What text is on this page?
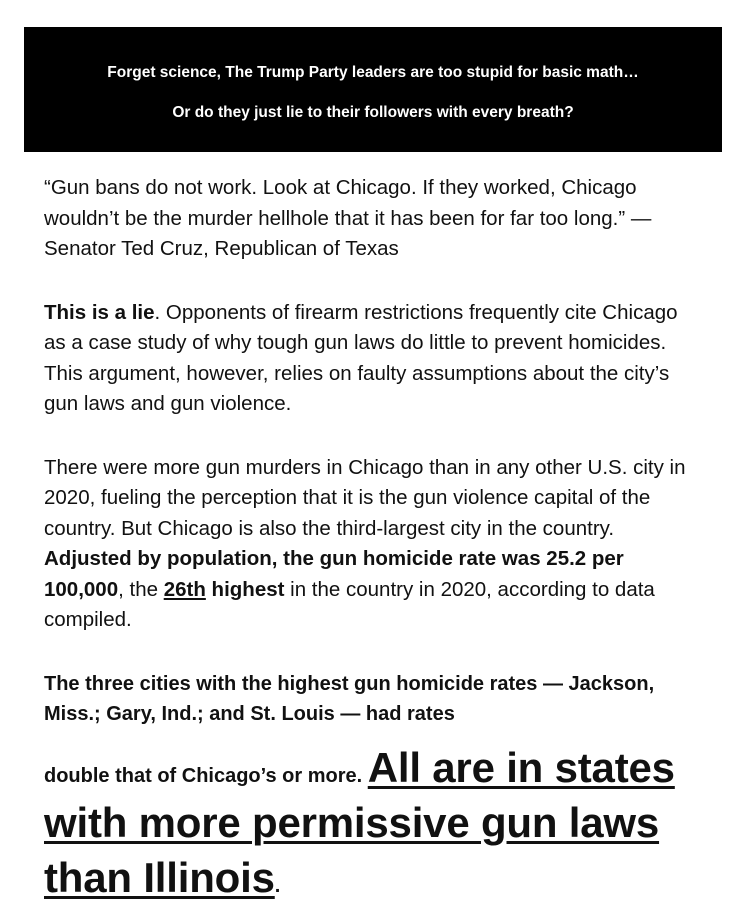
Forget science, The Trump Party leaders are too stupid for basic math…
Or do they just lie to their followers with every breath?

“Gun bans do not work. Look at Chicago. If they worked, Chicago wouldn’t be the murder hellhole that it has been for far too long.” — Senator Ted Cruz, Republican of Texas

This is a lie. Opponents of firearm restrictions frequently cite Chicago as a case study of why tough gun laws do little to prevent homicides. This argument, however, relies on faulty assumptions about the city’s gun laws and gun violence.

There were more gun murders in Chicago than in any other U.S. city in 2020, fueling the perception that it is the gun violence capital of the country. But Chicago is also the third-largest city in the country. Adjusted by population, the gun homicide rate was 25.2 per 100,000, the 26th highest in the country in 2020, according to data compiled.

The three cities with the highest gun homicide rates — Jackson, Miss.; Gary, Ind.; and St. Louis — had rates
double that of Chicago’s or more. All are in states with more permissive gun laws than Illinois.
